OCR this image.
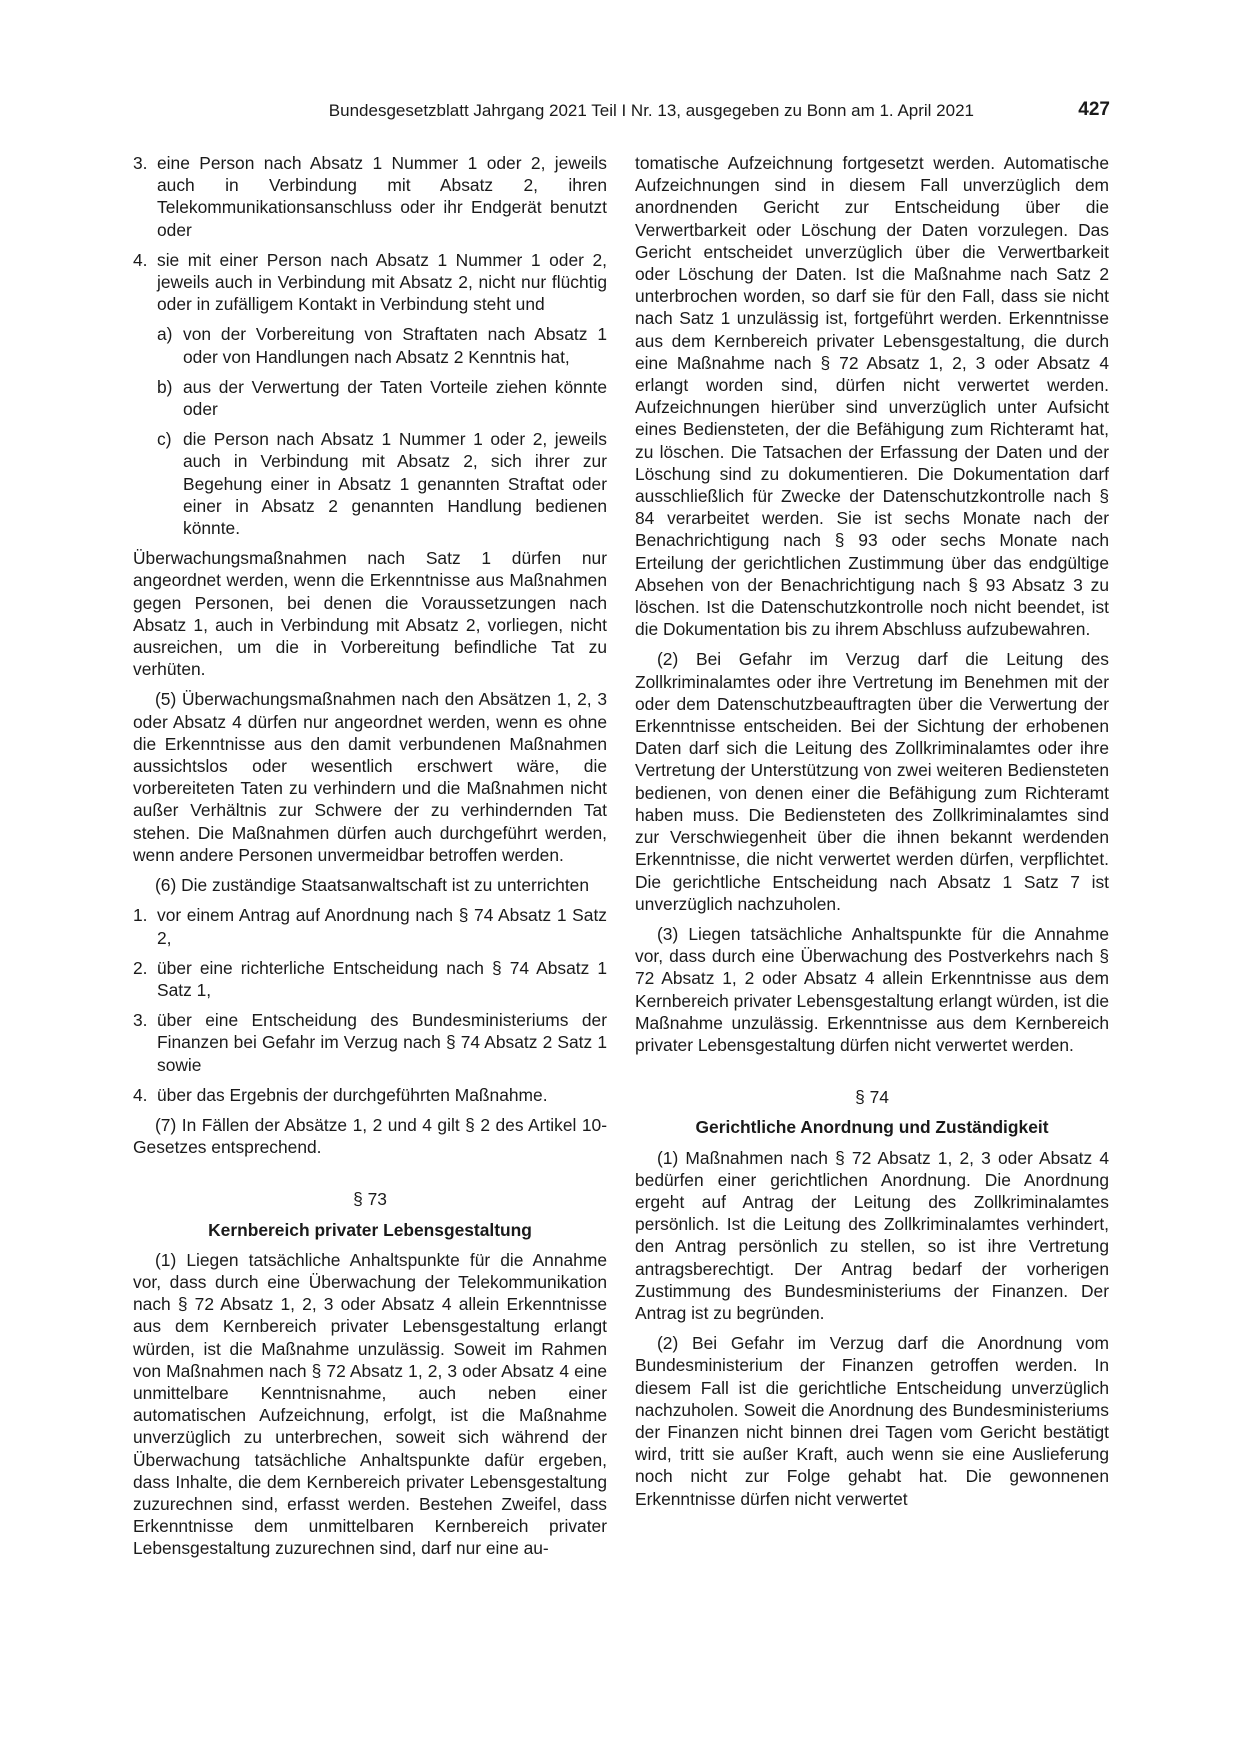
Bundesgesetzblatt Jahrgang 2021 Teil I Nr. 13, ausgegeben zu Bonn am 1. April 2021	427
3. eine Person nach Absatz 1 Nummer 1 oder 2, jeweils auch in Verbindung mit Absatz 2, ihren Telekommunikationsanschluss oder ihr Endgerät benutzt oder
4. sie mit einer Person nach Absatz 1 Nummer 1 oder 2, jeweils auch in Verbindung mit Absatz 2, nicht nur flüchtig oder in zufälligem Kontakt in Verbindung steht und
a) von der Vorbereitung von Straftaten nach Absatz 1 oder von Handlungen nach Absatz 2 Kenntnis hat,
b) aus der Verwertung der Taten Vorteile ziehen könnte oder
c) die Person nach Absatz 1 Nummer 1 oder 2, jeweils auch in Verbindung mit Absatz 2, sich ihrer zur Begehung einer in Absatz 1 genannten Straftat oder einer in Absatz 2 genannten Handlung bedienen könnte.

Überwachungsmaßnahmen nach Satz 1 dürfen nur angeordnet werden, wenn die Erkenntnisse aus Maßnahmen gegen Personen, bei denen die Voraussetzungen nach Absatz 1, auch in Verbindung mit Absatz 2, vorliegen, nicht ausreichen, um die in Vorbereitung befindliche Tat zu verhüten.

(5) Überwachungsmaßnahmen nach den Absätzen 1, 2, 3 oder Absatz 4 dürfen nur angeordnet werden, wenn es ohne die Erkenntnisse aus den damit verbundenen Maßnahmen aussichtslos oder wesentlich erschwert wäre, die vorbereiteten Taten zu verhindern und die Maßnahmen nicht außer Verhältnis zur Schwere der zu verhindernden Tat stehen. Die Maßnahmen dürfen auch durchgeführt werden, wenn andere Personen unvermeidbar betroffen werden.

(6) Die zuständige Staatsanwaltschaft ist zu unterrichten

1. vor einem Antrag auf Anordnung nach § 74 Absatz 1 Satz 2,
2. über eine richterliche Entscheidung nach § 74 Absatz 1 Satz 1,
3. über eine Entscheidung des Bundesministeriums der Finanzen bei Gefahr im Verzug nach § 74 Absatz 2 Satz 1 sowie
4. über das Ergebnis der durchgeführten Maßnahme.

(7) In Fällen der Absätze 1, 2 und 4 gilt § 2 des Artikel 10-Gesetzes entsprechend.

§ 73
Kernbereich privater Lebensgestaltung

(1) Liegen tatsächliche Anhaltspunkte für die Annahme vor, dass durch eine Überwachung der Telekommunikation nach § 72 Absatz 1, 2, 3 oder Absatz 4 allein Erkenntnisse aus dem Kernbereich privater Lebensgestaltung erlangt würden, ist die Maßnahme unzulässig. Soweit im Rahmen von Maßnahmen nach § 72 Absatz 1, 2, 3 oder Absatz 4 eine unmittelbare Kenntnisnahme, auch neben einer automatischen Aufzeichnung, erfolgt, ist die Maßnahme unverzüglich zu unterbrechen, soweit sich während der Überwachung tatsächliche Anhaltspunkte dafür ergeben, dass Inhalte, die dem Kernbereich privater Lebensgestaltung zuzurechnen sind, erfasst werden. Bestehen Zweifel, dass Erkenntnisse dem unmittelbaren Kernbereich privater Lebensgestaltung zuzurechnen sind, darf nur eine au-

tomatische Aufzeichnung fortgesetzt werden. Automatische Aufzeichnungen sind in diesem Fall unverzüglich dem anordnenden Gericht zur Entscheidung über die Verwertbarkeit oder Löschung der Daten vorzulegen. Das Gericht entscheidet unverzüglich über die Verwertbarkeit oder Löschung der Daten. Ist die Maßnahme nach Satz 2 unterbrochen worden, so darf sie für den Fall, dass sie nicht nach Satz 1 unzulässig ist, fortgeführt werden. Erkenntnisse aus dem Kernbereich privater Lebensgestaltung, die durch eine Maßnahme nach § 72 Absatz 1, 2, 3 oder Absatz 4 erlangt worden sind, dürfen nicht verwertet werden. Aufzeichnungen hierüber sind unverzüglich unter Aufsicht eines Bediensteten, der die Befähigung zum Richteramt hat, zu löschen. Die Tatsachen der Erfassung der Daten und der Löschung sind zu dokumentieren. Die Dokumentation darf ausschließlich für Zwecke der Datenschutzkontrolle nach § 84 verarbeitet werden. Sie ist sechs Monate nach der Benachrichtigung nach § 93 oder sechs Monate nach Erteilung der gerichtlichen Zustimmung über das endgültige Absehen von der Benachrichtigung nach § 93 Absatz 3 zu löschen. Ist die Datenschutzkontrolle noch nicht beendet, ist die Dokumentation bis zu ihrem Abschluss aufzubewahren.

(2) Bei Gefahr im Verzug darf die Leitung des Zollkriminalamtes oder ihre Vertretung im Benehmen mit der oder dem Datenschutzbeauftragten über die Verwertung der Erkenntnisse entscheiden. Bei der Sichtung der erhobenen Daten darf sich die Leitung des Zollkriminalamtes oder ihre Vertretung der Unterstützung von zwei weiteren Bediensteten bedienen, von denen einer die Befähigung zum Richteramt haben muss. Die Bediensteten des Zollkriminalamtes sind zur Verschwiegenheit über die ihnen bekannt werdenden Erkenntnisse, die nicht verwertet werden dürfen, verpflichtet. Die gerichtliche Entscheidung nach Absatz 1 Satz 7 ist unverzüglich nachzuholen.

(3) Liegen tatsächliche Anhaltspunkte für die Annahme vor, dass durch eine Überwachung des Postverkehrs nach § 72 Absatz 1, 2 oder Absatz 4 allein Erkenntnisse aus dem Kernbereich privater Lebensgestaltung erlangt würden, ist die Maßnahme unzulässig. Erkenntnisse aus dem Kernbereich privater Lebensgestaltung dürfen nicht verwertet werden.

§ 74
Gerichtliche Anordnung und Zuständigkeit

(1) Maßnahmen nach § 72 Absatz 1, 2, 3 oder Absatz 4 bedürfen einer gerichtlichen Anordnung. Die Anordnung ergeht auf Antrag der Leitung des Zollkriminalamtes persönlich. Ist die Leitung des Zollkriminalamtes verhindert, den Antrag persönlich zu stellen, so ist ihre Vertretung antragsberechtigt. Der Antrag bedarf der vorherigen Zustimmung des Bundesministeriums der Finanzen. Der Antrag ist zu begründen.

(2) Bei Gefahr im Verzug darf die Anordnung vom Bundesministerium der Finanzen getroffen werden. In diesem Fall ist die gerichtliche Entscheidung unverzüglich nachzuholen. Soweit die Anordnung des Bundesministeriums der Finanzen nicht binnen drei Tagen vom Gericht bestätigt wird, tritt sie außer Kraft, auch wenn sie eine Auslieferung noch nicht zur Folge gehabt hat. Die gewonnenen Erkenntnisse dürfen nicht verwertet
